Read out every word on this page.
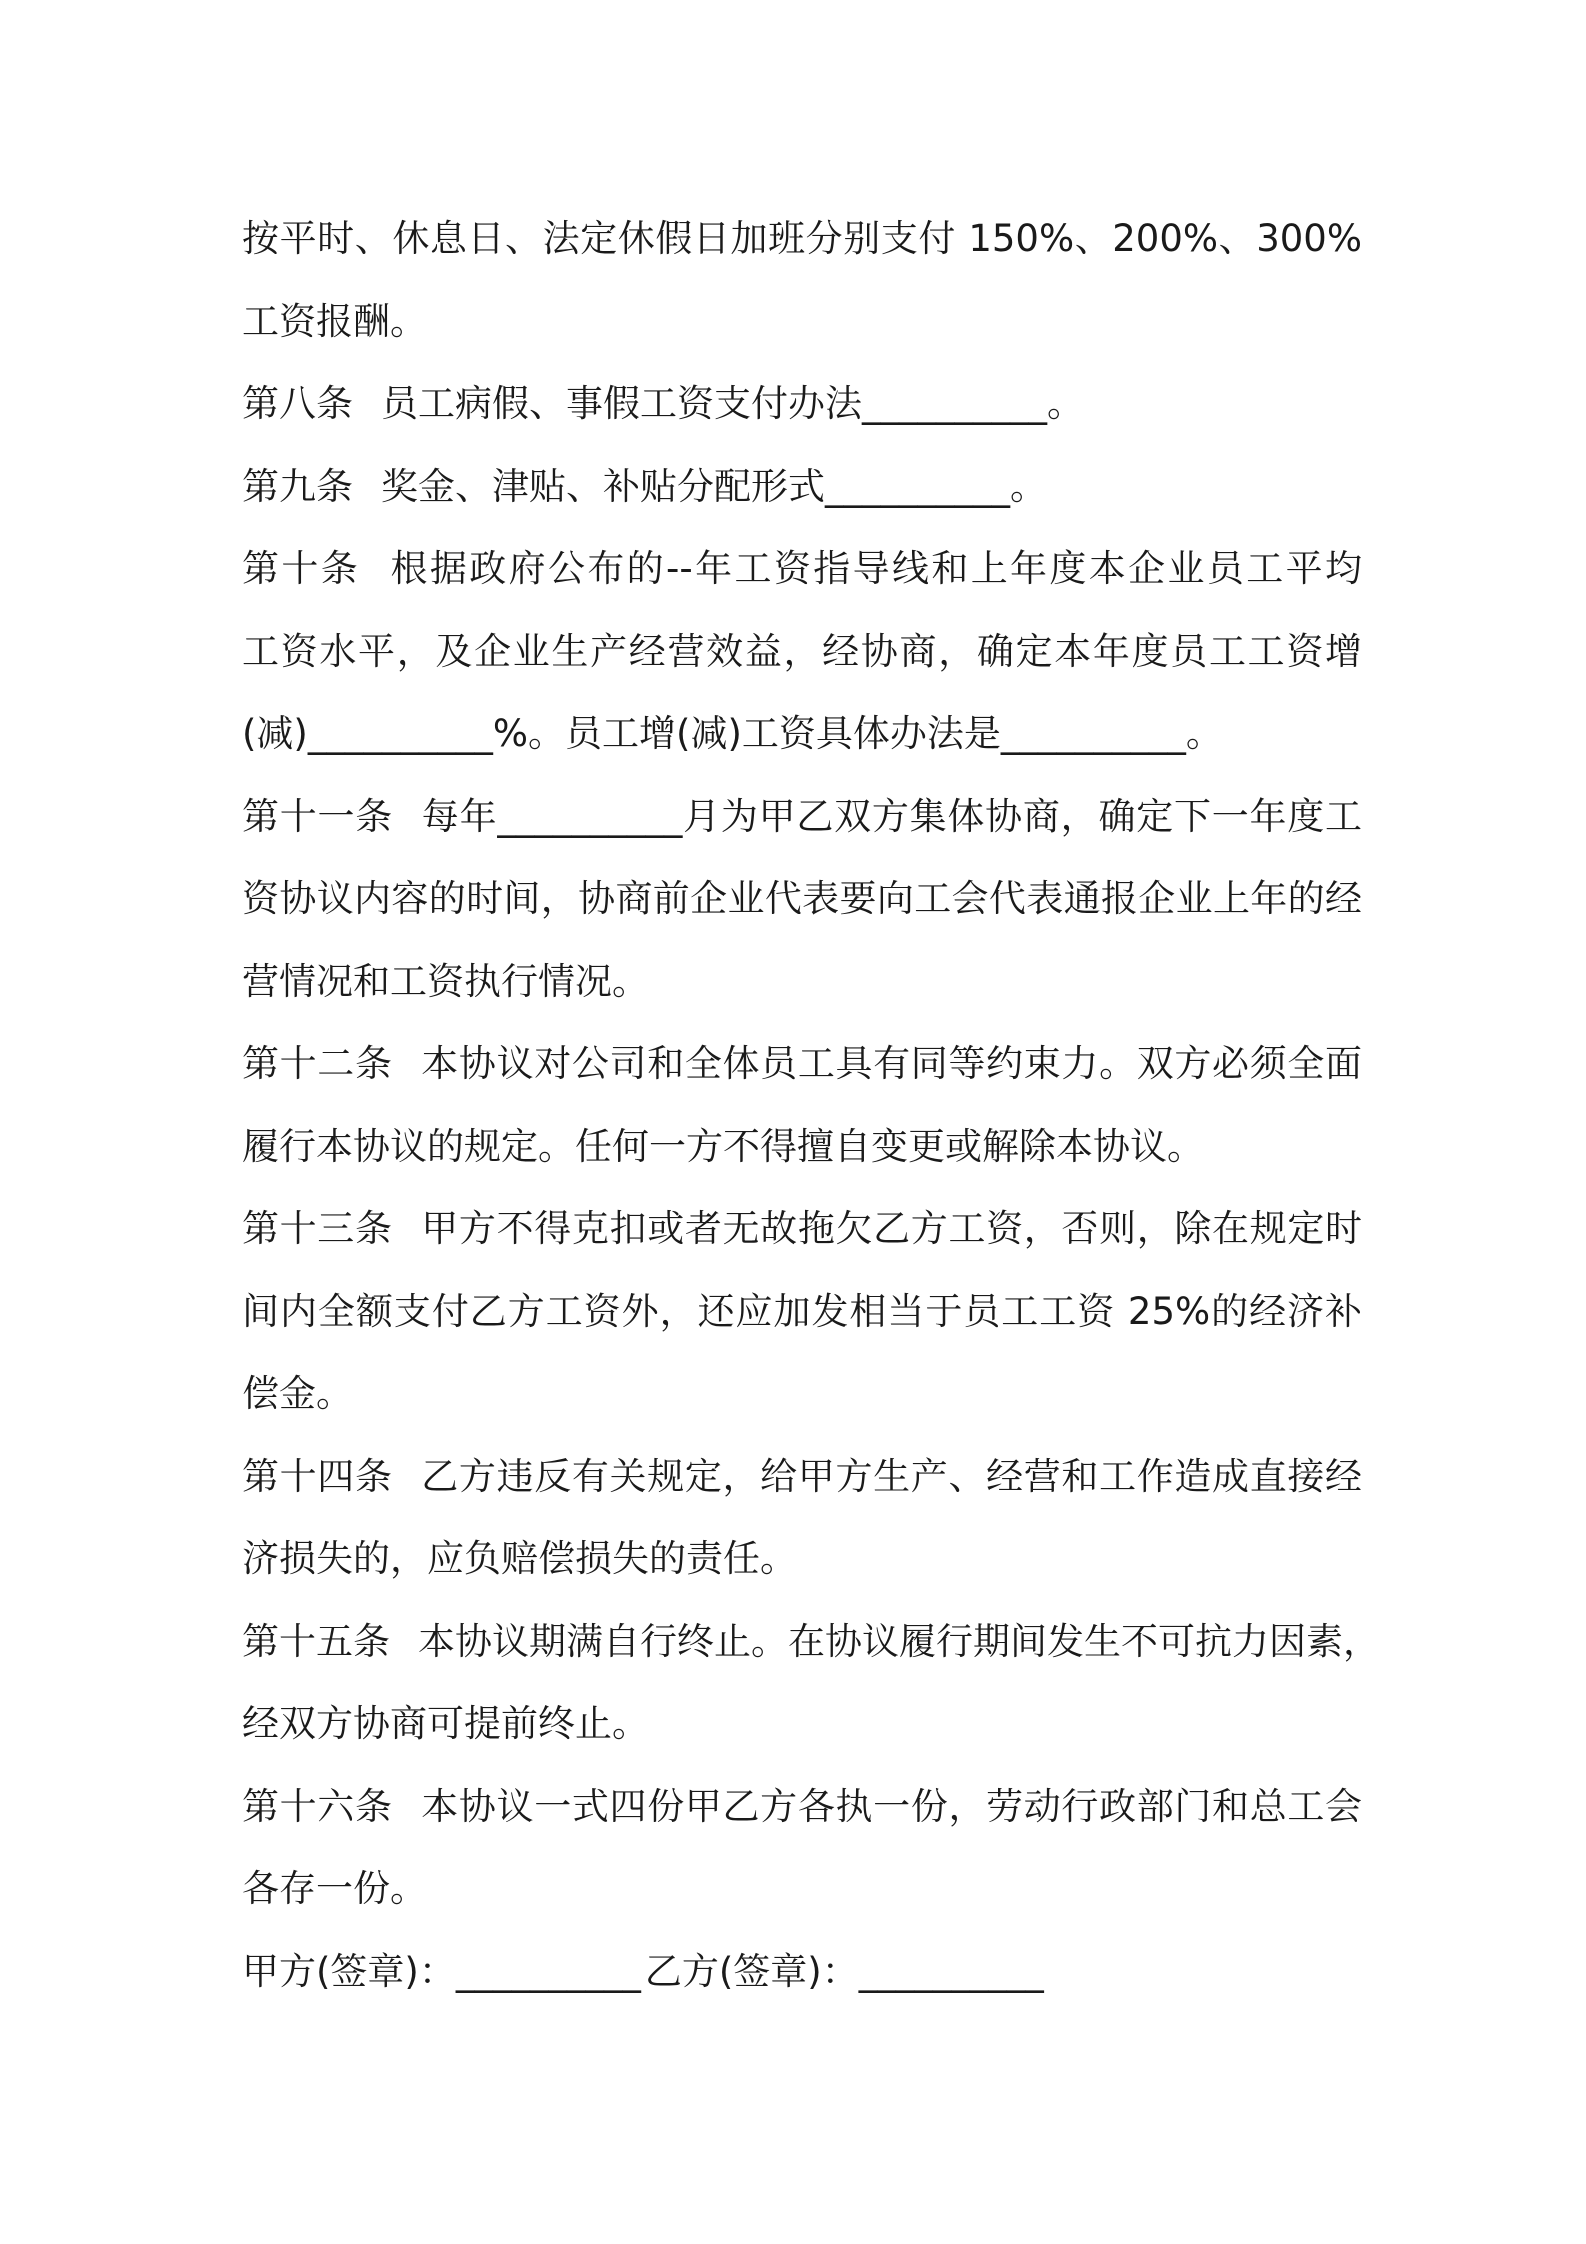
按平时、休息日、法定休假日加班分别支付 150%、200%、300%
工资报酬。
第八条 员工病假、事假工资支付办法__________。
第九条 奖金、津贴、补贴分配形式__________。
第十条 根据政府公布的--年工资指导线和上年度本企业员工平均
工资水平，及企业生产经营效益，经协商，确定本年度员工工资增
(减)__________%。员工增(减)工资具体办法是__________。
第十一条 每年__________月为甲乙双方集体协商，确定下一年度工
资协议内容的时间，协商前企业代表要向工会代表通报企业上年的经
营情况和工资执行情况。
第十二条 本协议对公司和全体员工具有同等约束力。双方必须全面
履行本协议的规定。任何一方不得擅自变更或解除本协议。
第十三条 甲方不得克扣或者无故拖欠乙方工资，否则，除在规定时
间内全额支付乙方工资外，还应加发相当于员工工资 25%的经济补
偿金。
第十四条 乙方违反有关规定，给甲方生产、经营和工作造成直接经
济损失的，应负赔偿损失的责任。
第十五条 本协议期满自行终止。在协议履行期间发生不可抗力因素，
经双方协商可提前终止。
第十六条 本协议一式四份甲乙方各执一份，劳动行政部门和总工会
各存一份。
甲方(签章)：__________ 乙方(签章)：__________
